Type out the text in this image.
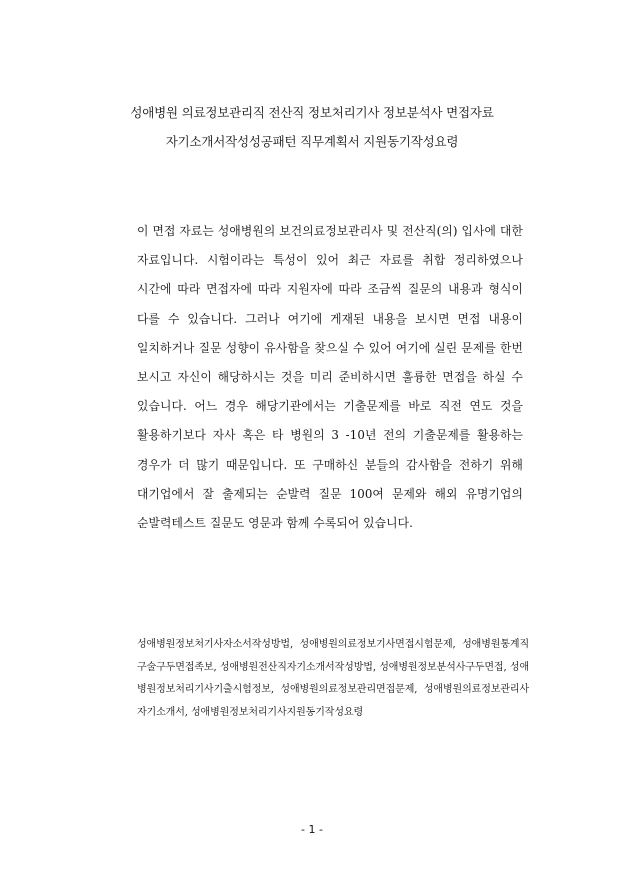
성애병원 의료정보관리직 전산직 정보처리기사 정보분석사 면접자료
자기소개서작성성공패턴 직무계획서 지원동기작성요령
이 면접 자료는 성애병원의 보건의료정보관리사 및 전산직(의) 입사에 대한 자료입니다. 시험이라는 특성이 있어 최근 자료를 취합 정리하였으나 시간에 따라 면접자에 따라 지원자에 따라 조금씩 질문의 내용과 형식이 다를 수 있습니다. 그러나 여기에 게재된 내용을 보시면 면접 내용이 일치하거나 질문 성향이 유사함을 찾으실 수 있어 여기에 실린 문제를 한번 보시고 자신이 해당하시는 것을 미리 준비하시면 훌륭한 면접을 하실 수 있습니다. 어느 경우 해당기관에서는 기출문제를 바로 직전 연도 것을 활용하기보다 자사 혹은 타 병원의 3 -10년 전의 기출문제를 활용하는 경우가 더 많기 때문입니다. 또 구매하신 분들의 감사함을 전하기 위해 대기업에서 잘 출제되는 순발력 질문 100여 문제와 해외 유명기업의 순발력테스트 질문도 영문과 함께 수록되어 있습니다.
성애병원정보처기사자소서작성방법, 성애병원의료정보기사면접시험문제, 성애병원통계직구술구두면접족보, 성애병원전산직자기소개서작성방법, 성애병원정보분석사구두면접, 성애병원정보처리기사기출시험정보, 성애병원의료정보관리면접문제, 성애병원의료정보관리사자기소개서, 성애병원정보처리기사지원동기작성요령
- 1 -
